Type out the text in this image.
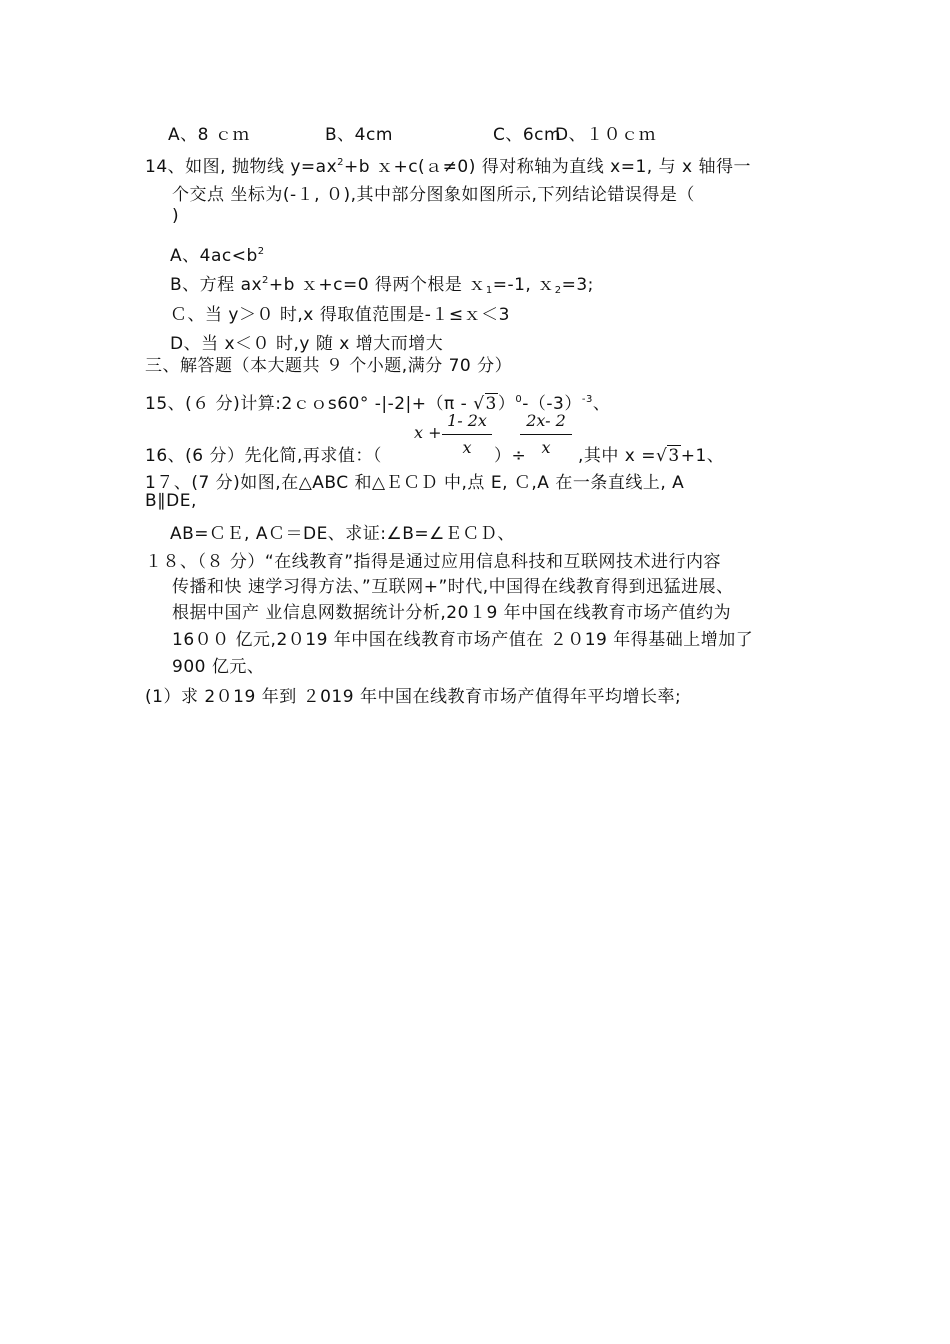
A、8 ｃｍ	B、4cm	C、6cm
D、１０ｃｍ
14、如图, 抛物线 $y=ax^2+b$ ｘ+c(ａ≠0) 得对称轴为直线 x=1, 与 x 轴得一
个交点 坐标为(-１, ０),其中部分图象如图所示,下列结论错误得是（
)
A、$4ac<b^2$
B、方程 $ax^2+b$ ｘ+c=0 得两个根是 ｘ$_1$=-1, ｘ$_2$=3;
Ｃ、当 y＞０ 时,x 得取值范围是-１≤ｘ＜3
D、当 x＜０ 时,y 随 x 增大而增大
三、解答题（本大题共 ９ 个小题,满分 70 分）
15、(６ 分)计算:2ｃｏs60° $-|-2|+(\pi - √3)^0-(-3)^{-3}$、
16、(6 分）先化简,再求值：（
x +
1- 2x
x	）÷
2x- 2
x	,其中 x =√3+1、
1７、(7 分)如图,在△ABC 和△ＥＣＤ 中,点 E, Ｃ,A 在一条直线上, A
B∥DE,
AB=ＣＥ, AＣ＝DE、求证:∠B=∠ＥＣＤ、
１８、（８ 分）“在线教育”指得是通过应用信息科技和互联网技术进行内容
传播和快 速学习得方法、”互联网+”时代,中国得在线教育得到迅猛进展、
根据中国产 业信息网数据统计分析,20１9 年中国在线教育市场产值约为
16００ 亿元,2０19 年中国在线教育市场产值在 ２０19 年得基础上增加了
900 亿元、
(1）求 2０19 年到 ２019 年中国在线教育市场产值得年平均增长率;
